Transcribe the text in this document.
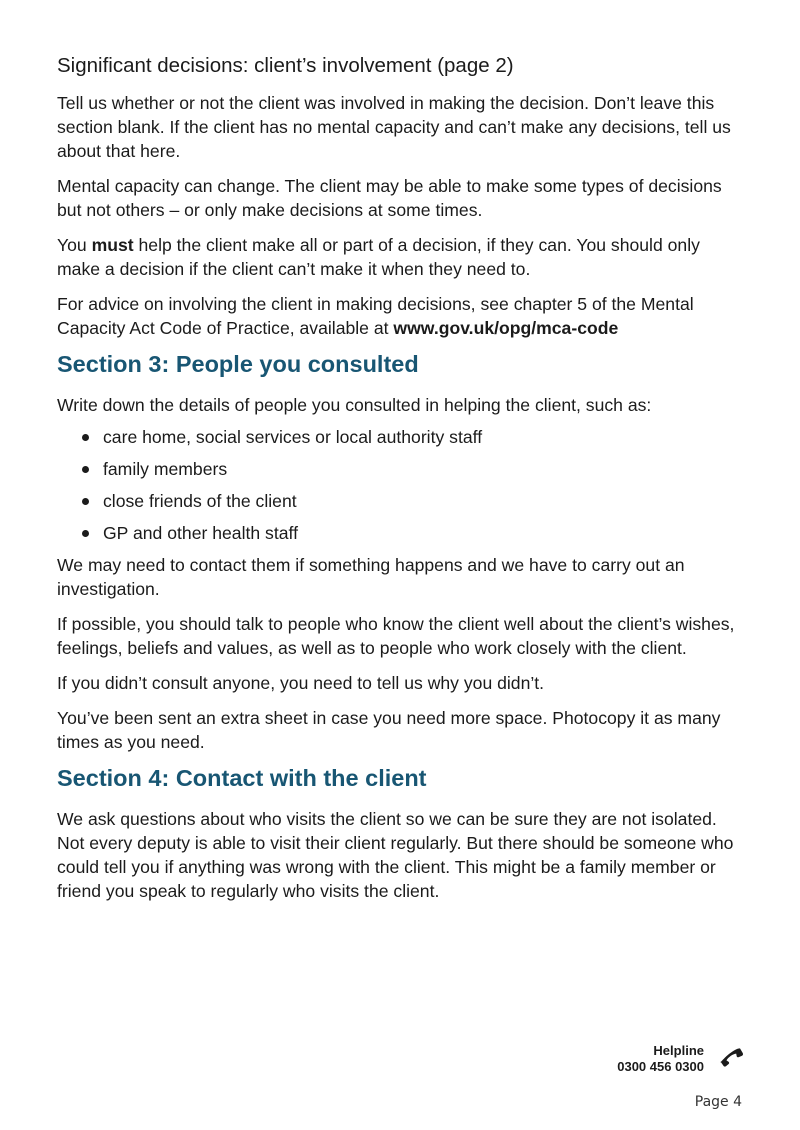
Significant decisions: client’s involvement (page 2)

Tell us whether or not the client was involved in making the decision. Don’t leave this section blank. If the client has no mental capacity and can’t make any decisions, tell us about that here.

Mental capacity can change. The client may be able to make some types of decisions but not others – or only make decisions at some times.

You must help the client make all or part of a decision, if they can. You should only make a decision if the client can’t make it when they need to.

For advice on involving the client in making decisions, see chapter 5 of the Mental Capacity Act Code of Practice, available at www.gov.uk/opg/mca-code

Section 3: People you consulted

Write down the details of people you consulted in helping the client, such as:

care home, social services or local authority staff
family members
close friends of the client
GP and other health staff

We may need to contact them if something happens and we have to carry out an investigation.

If possible, you should talk to people who know the client well about the client’s wishes, feelings, beliefs and values, as well as to people who work closely with the client.

If you didn’t consult anyone, you need to tell us why you didn’t.

You’ve been sent an extra sheet in case you need more space. Photocopy it as many times as you need.

Section 4: Contact with the client

We ask questions about who visits the client so we can be sure they are not isolated. Not every deputy is able to visit their client regularly. But there should be someone who could tell you if anything was wrong with the client. This might be a family member or friend you speak to regularly who visits the client.

Helpline
0300 456 0300
Page 4
